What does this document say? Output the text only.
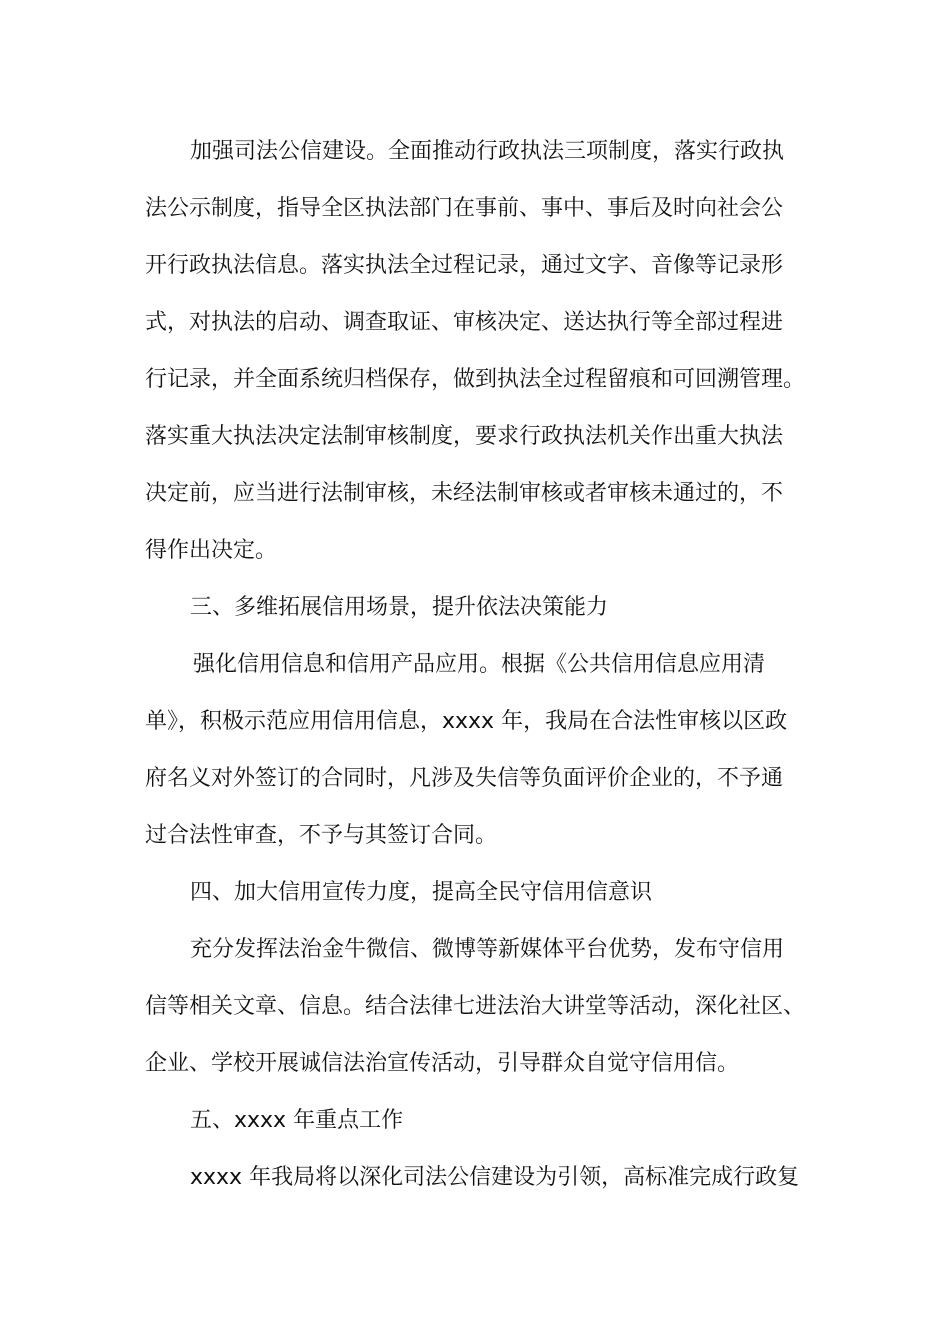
加强司法公信建设。全面推动行政执法三项制度，落实行政执

法公示制度，指导全区执法部门在事前、事中、事后及时向社会公

开行政执法信息。落实执法全过程记录，通过文字、音像等记录形

式，对执法的启动、调查取证、审核决定、送达执行等全部过程进

行记录，并全面系统归档保存，做到执法全过程留痕和可回溯管理。

落实重大执法决定法制审核制度，要求行政执法机关作出重大执法

决定前，应当进行法制审核，未经法制审核或者审核未通过的，不

得作出决定。

三、多维拓展信用场景，提升依法决策能力

强化信用信息和信用产品应用。根据《公共信用信息应用清

单》，积极示范应用信用信息，xxxx 年，我局在合法性审核以区政

府名义对外签订的合同时，凡涉及失信等负面评价企业的，不予通

过合法性审查，不予与其签订合同。

四、加大信用宣传力度，提高全民守信用信意识

充分发挥法治金牛微信、微博等新媒体平台优势，发布守信用

信等相关文章、信息。结合法律七进法治大讲堂等活动，深化社区、

企业、学校开展诚信法治宣传活动，引导群众自觉守信用信。

五、xxxx 年重点工作

xxxx 年我局将以深化司法公信建设为引领，高标准完成行政复
